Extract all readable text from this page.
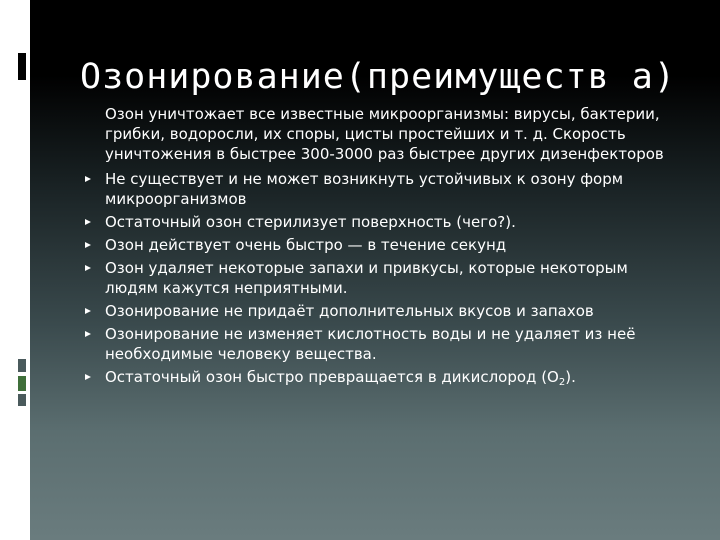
Озонирование(преимуществ а)
Озон уничтожает все известные микроорганизмы: вирусы, бактерии, грибки, водоросли, их споры, цисты простейших и т. д. Скорость уничтожения в быстрее 300-3000 раз быстрее других дизенфекторов
Не существует и не может возникнуть устойчивых к озону форм микроорганизмов
Остаточный озон стерилизует поверхность (чего?).
Озон действует очень быстро — в течение секунд
Озон удаляет некоторые запахи и привкусы, которые некоторым людям кажутся неприятными.
Озонирование не придаёт дополнительных вкусов и запахов
Озонирование не изменяет кислотность воды и не удаляет из неё необходимые человеку вещества.
Остаточный озон быстро превращается в дикислород $(O_2)$.
